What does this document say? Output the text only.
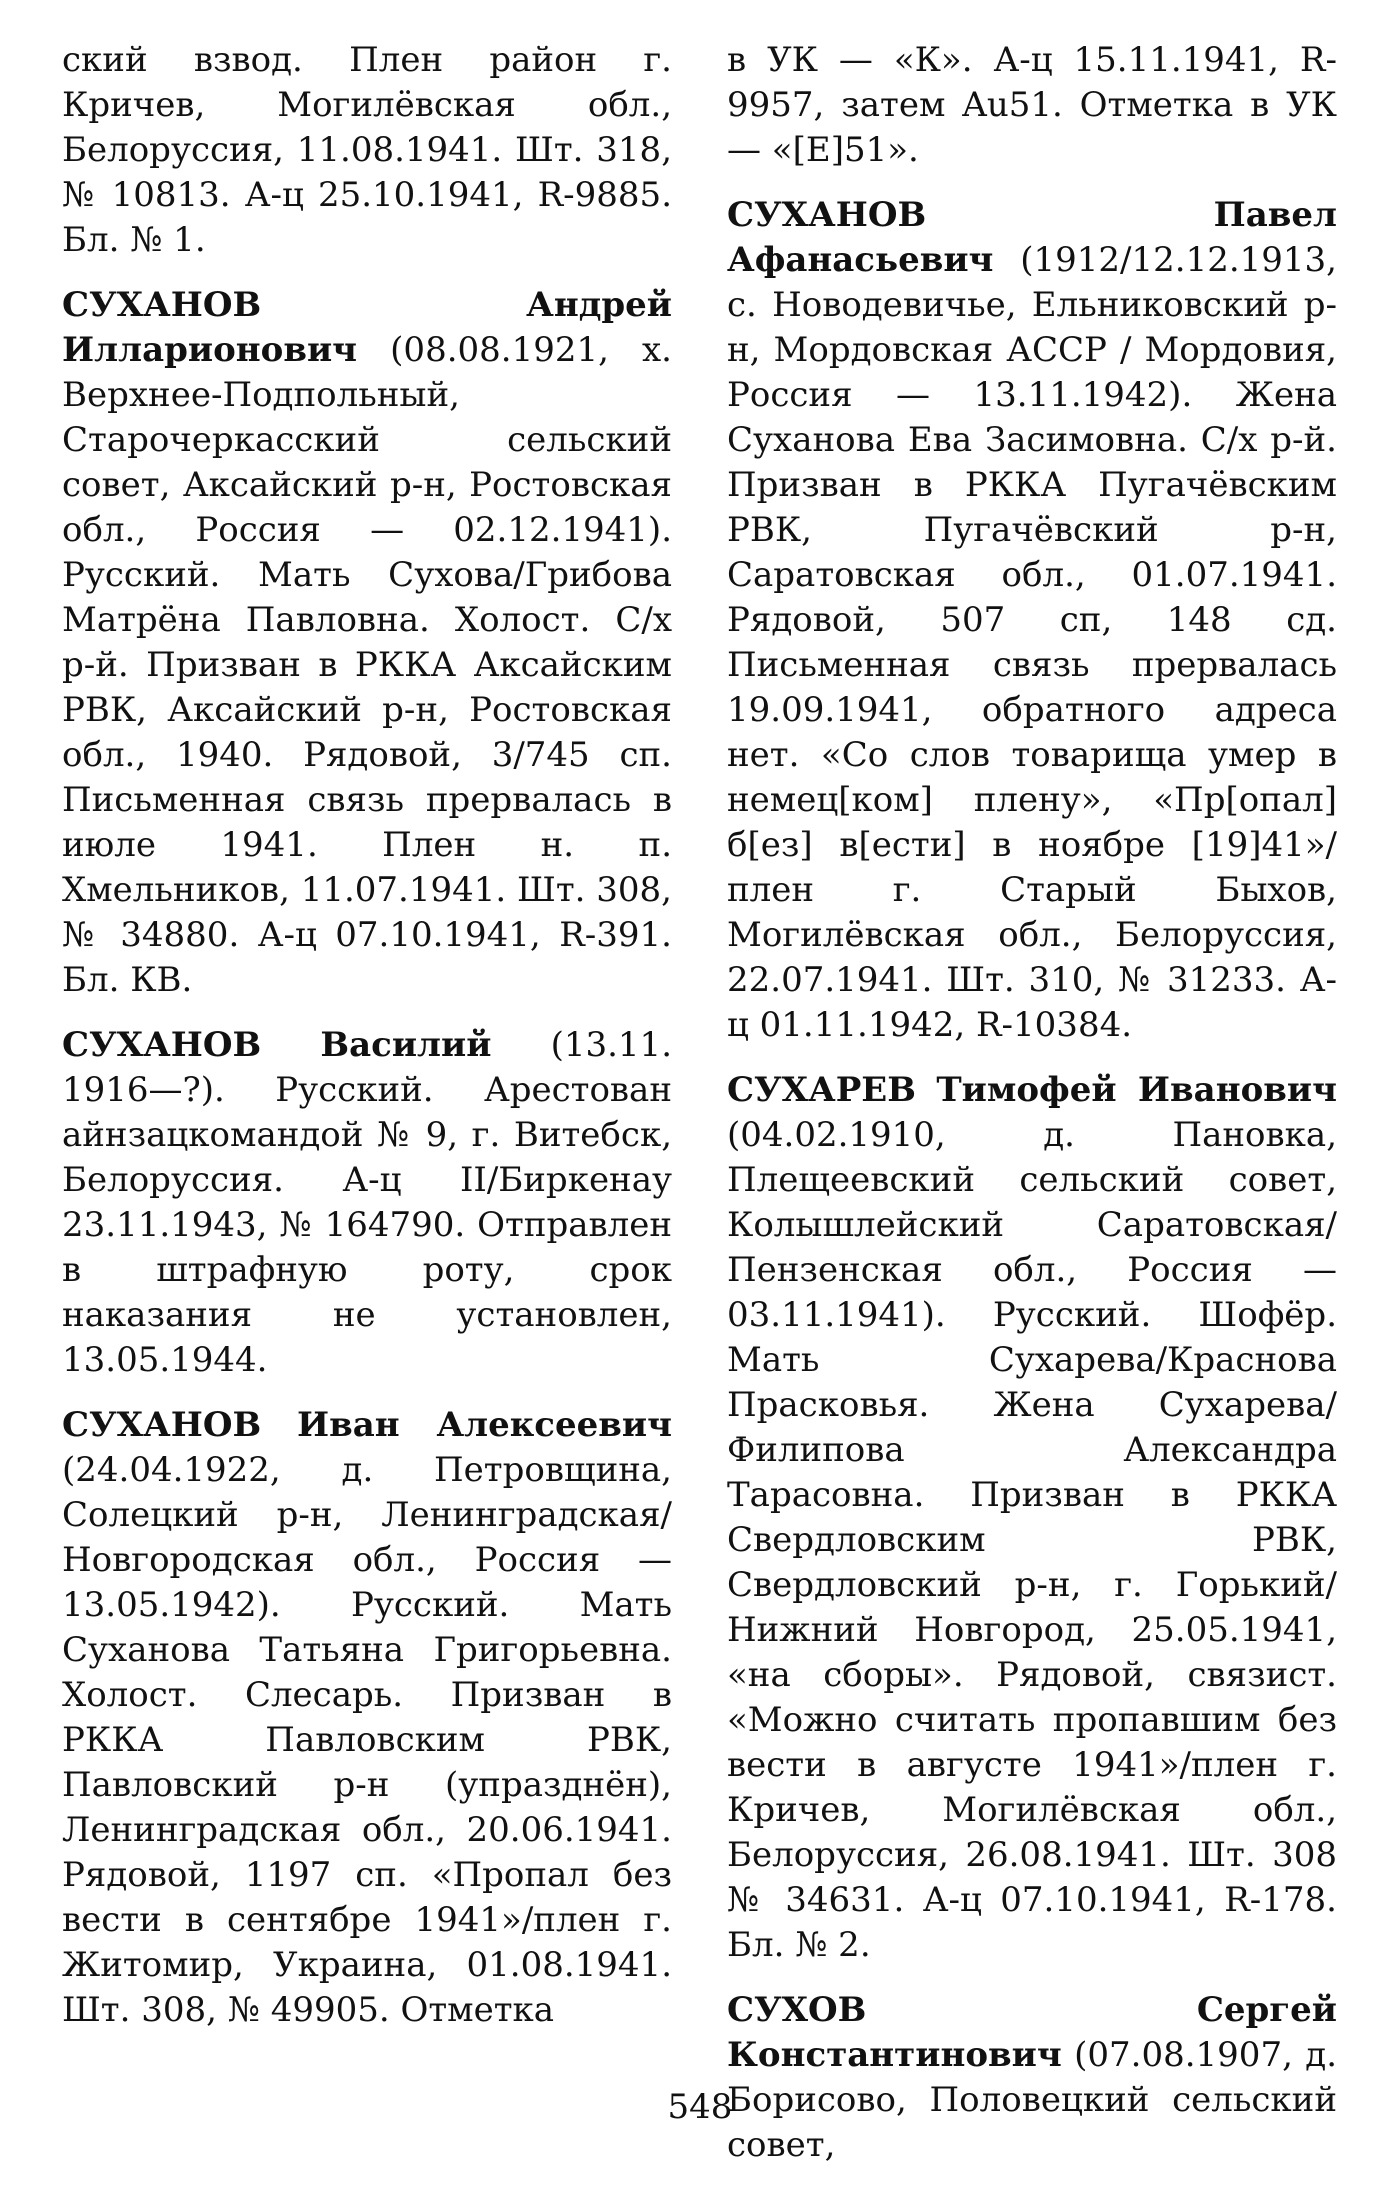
ский взвод. Плен район г. Кричев, Могилёвская обл., Белоруссия, 11.08.1941. Шт. 318, № 10813. А-ц 25.10.1941, R-9885. Бл. № 1.

СУХАНОВ	Андрей Илларионович (08.08.1921, х. Верхнее-Подпольный, Старочеркасский сельский совет, Аксайский р-н, Ростовская обл., Россия — 02.12.1941). Русский. Мать Сухова/Грибова Матрёна Павловна. Холост. С/х р-й. Призван в РККА Аксайским РВК, Аксайский р-н, Ростовская обл., 1940. Рядовой, 3/745 сп. Письменная связь прервалась в июле 1941. Плен н. п. Хмельников, 11.07.1941. Шт. 308, № 34880. А-ц 07.10.1941, R-391. Бл. КВ.

СУХАНОВ Василий (13.11. 1916—?). Русский. Арестован айнзацкомандой № 9, г. Витебск, Белоруссия. А-ц II/Биркенау 23.11.1943, № 164790. Отправлен в штрафную роту, срок наказания не установлен, 13.05.1944.

СУХАНОВ Иван Алексеевич (24.04.1922, д. Петровщина, Солецкий р-н, Ленинградская/Новгородская обл., Россия — 13.05.1942). Русский. Мать Суханова Татьяна Григорьевна. Холост. Слесарь. Призван в РККА Павловским РВК, Павловский р-н (упразднён), Ленинградская обл., 20.06.1941. Рядовой, 1197 сп. «Пропал без вести в сентябре 1941»/плен г. Житомир, Украина, 01.08.1941. Шт. 308, № 49905. Отметка

в УК — «К». А-ц 15.11.1941, R-9957, затем Au51. Отметка в УК — «[E]51».

СУХАНОВ	Павел Афанасьевич (1912/12.12.1913, с. Новодевичье, Ельниковский р-н, Мордовская АССР / Мордовия, Россия — 13.11.1942). Жена Суханова Ева Засимовна. С/х р-й. Призван в РККА Пугачёвским РВК, Пугачёвский р-н, Саратовская обл., 01.07.1941. Рядовой, 507 сп, 148 сд. Письменная связь прервалась 19.09.1941, обратного адреса нет. «Со слов товарища умер в немец[ком] плену», «Пр[опал] б[ез] в[ести] в ноябре [19]41»/плен г. Старый Быхов, Могилёвская обл., Белоруссия, 22.07.1941. Шт. 310, № 31233. А-ц 01.11.1942, R-10384.

СУХАРЕВ Тимофей Иванович (04.02.1910, д. Пановка, Плещеевский сельский совет, Колышлейский Саратовская/Пензенская обл., Россия — 03.11.1941). Русский. Шофёр. Мать Сухарева/Краснова Прасковья. Жена Сухарева/Филипова Александра Тарасовна. Призван в РККА Свердловским РВК, Свердловский р-н, г. Горький/Нижний Новгород, 25.05.1941, «на сборы». Рядовой, связист. «Можно считать пропавшим без вести в августе 1941»/плен г. Кричев, Могилёвская обл., Белоруссия, 26.08.1941. Шт. 308 № 34631. А-ц 07.10.1941, R-178. Бл. № 2.

СУХОВ	Сергей Константинович (07.08.1907, д. Борисово, Половецкий сельский совет,

548
